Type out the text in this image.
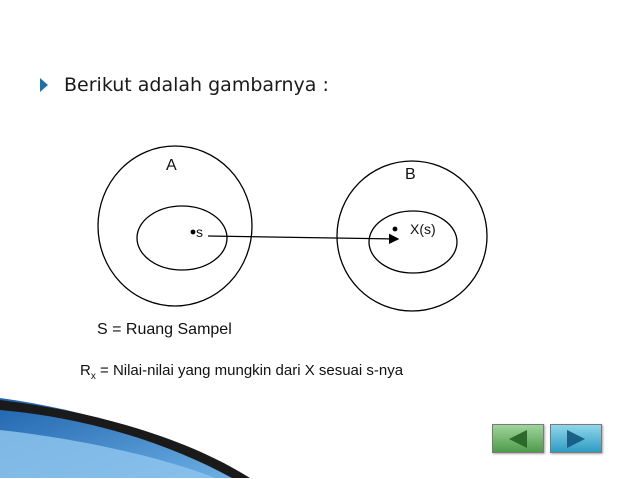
Berikut adalah gambarnya :
A
s
B
X(s)
S = Ruang Sampel
$R_x$ = Nilai-nilai yang mungkin dari X sesuai s-nya
